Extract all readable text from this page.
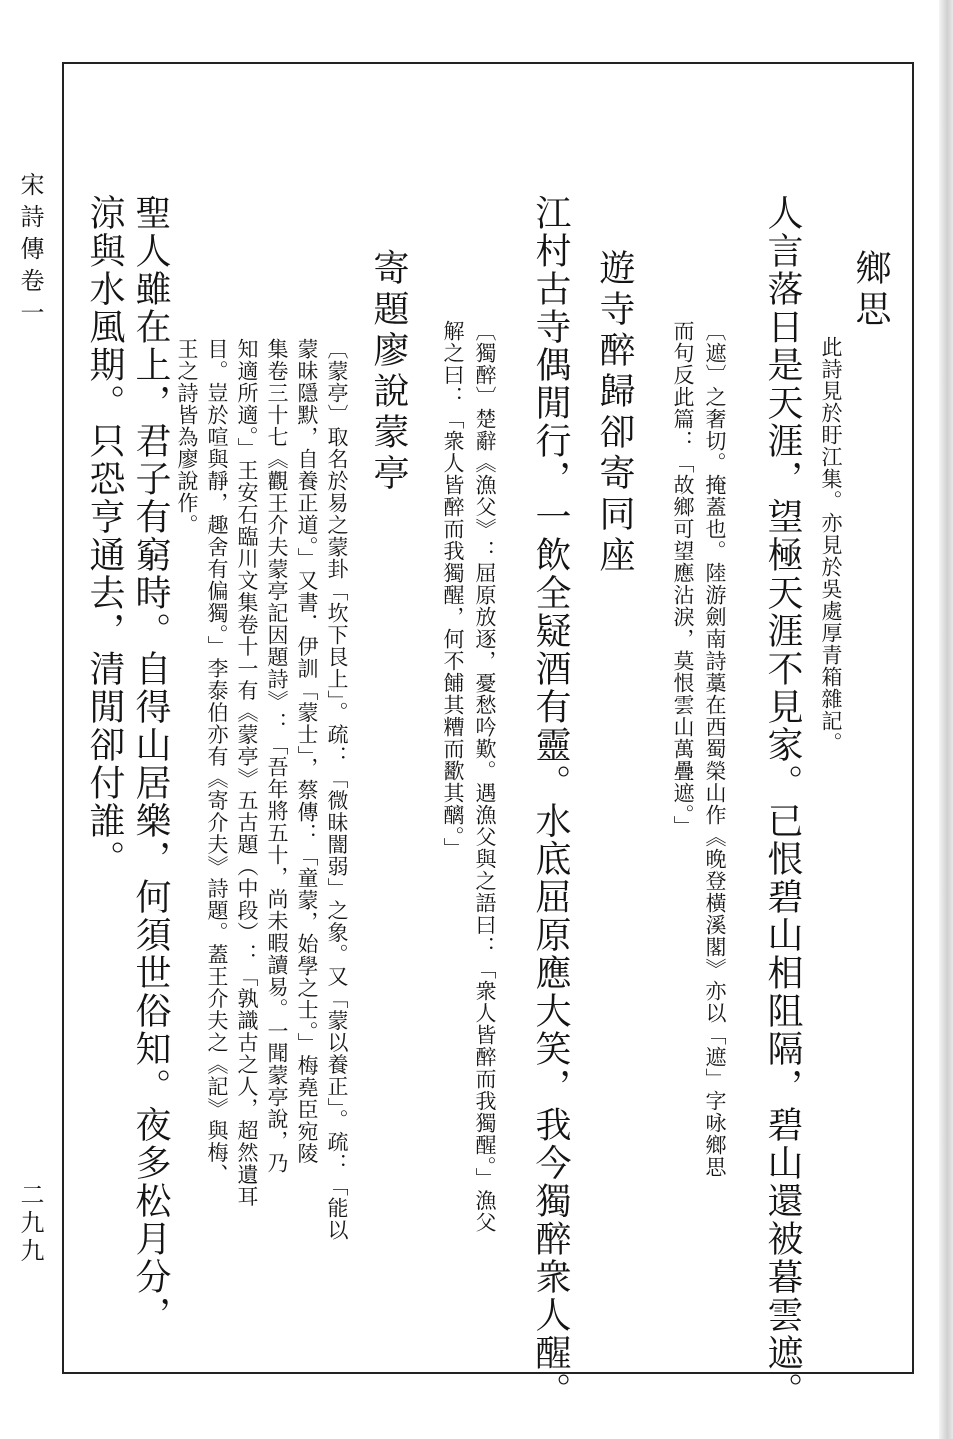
宋詩傳卷一
二九九
鄉思
此詩見於盱江集。亦見於吳處厚青箱雜記。
人言落日是天涯，望極天涯不見家。已恨碧山相阻隔，碧山還被暮雲遮。
〔遮〕之奢切。掩蓋也。陸游劍南詩藁在西蜀榮山作《晚登橫溪閣》亦以「遮」字咏鄉思
而句反此篇：「故鄉可望應沾淚，莫恨雲山萬疊遮。」
遊寺醉歸卻寄同座
江村古寺偶閒行，一飲全疑酒有靈。水底屈原應大笑，我今獨醉衆人醒。
〔獨醉〕楚辭《漁父》：屈原放逐，憂愁吟歎。遇漁父與之語曰：「衆人皆醉而我獨醒。」漁父
解之曰：「衆人皆醉而我獨醒，何不餔其糟而歠其醨。」
寄題廖說蒙亭
〔蒙亭〕取名於易之蒙卦「坎下艮上」。疏：「微昧闇弱」之象。又「蒙以養正」。疏：「能以
蒙昧隱默，自養正道。」又書．伊訓「蒙士」，蔡傳：「童蒙，始學之士。」梅堯臣宛陵
集卷三十七《觀王介夫蒙亭記因題詩》：「吾年將五十，尚未暇讀易。一聞蒙亭說，乃
知適所適。」王安石臨川文集卷十一有《蒙亭》五古題（中段）：「孰識古之人，超然遺耳
目。豈於喧與靜，趣舍有偏獨。」李泰伯亦有《寄介夫》詩題。蓋王介夫之《記》與梅、
王之詩皆為廖說作。
聖人雖在上，君子有窮時。自得山居樂，何須世俗知。夜多松月分，
涼與水風期。只恐亨通去，清閒卻付誰。
